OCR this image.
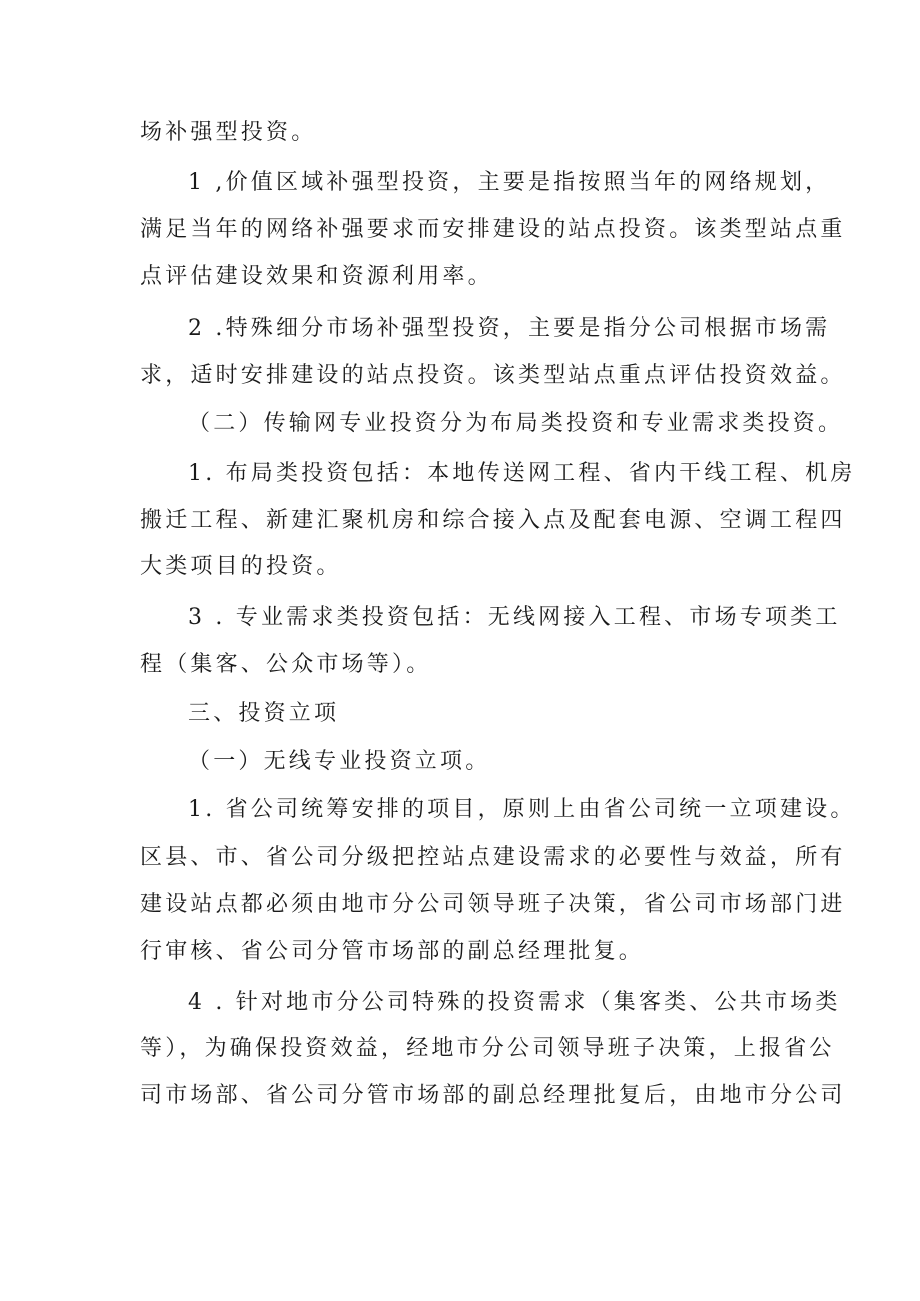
场补强型投资。
1 ,价值区域补强型投资，主要是指按照当年的网络规划，
满足当年的网络补强要求而安排建设的站点投资。该类型站点重
点评估建设效果和资源利用率。
2 .特殊细分市场补强型投资，主要是指分公司根据市场需
求，适时安排建设的站点投资。该类型站点重点评估投资效益。
（二）传输网专业投资分为布局类投资和专业需求类投资。
1. 布局类投资包括：本地传送网工程、省内干线工程、机房
搬迁工程、新建汇聚机房和综合接入点及配套电源、空调工程四
大类项目的投资。
3 . 专业需求类投资包括：无线网接入工程、市场专项类工
程（集客、公众市场等）。
三、投资立项
（一）无线专业投资立项。
1. 省公司统筹安排的项目，原则上由省公司统一立项建设。
区县、市、省公司分级把控站点建设需求的必要性与效益，所有
建设站点都必须由地市分公司领导班子决策，省公司市场部门进
行审核、省公司分管市场部的副总经理批复。
4 . 针对地市分公司特殊的投资需求（集客类、公共市场类
等），为确保投资效益，经地市分公司领导班子决策，上报省公
司市场部、省公司分管市场部的副总经理批复后，由地市分公司
